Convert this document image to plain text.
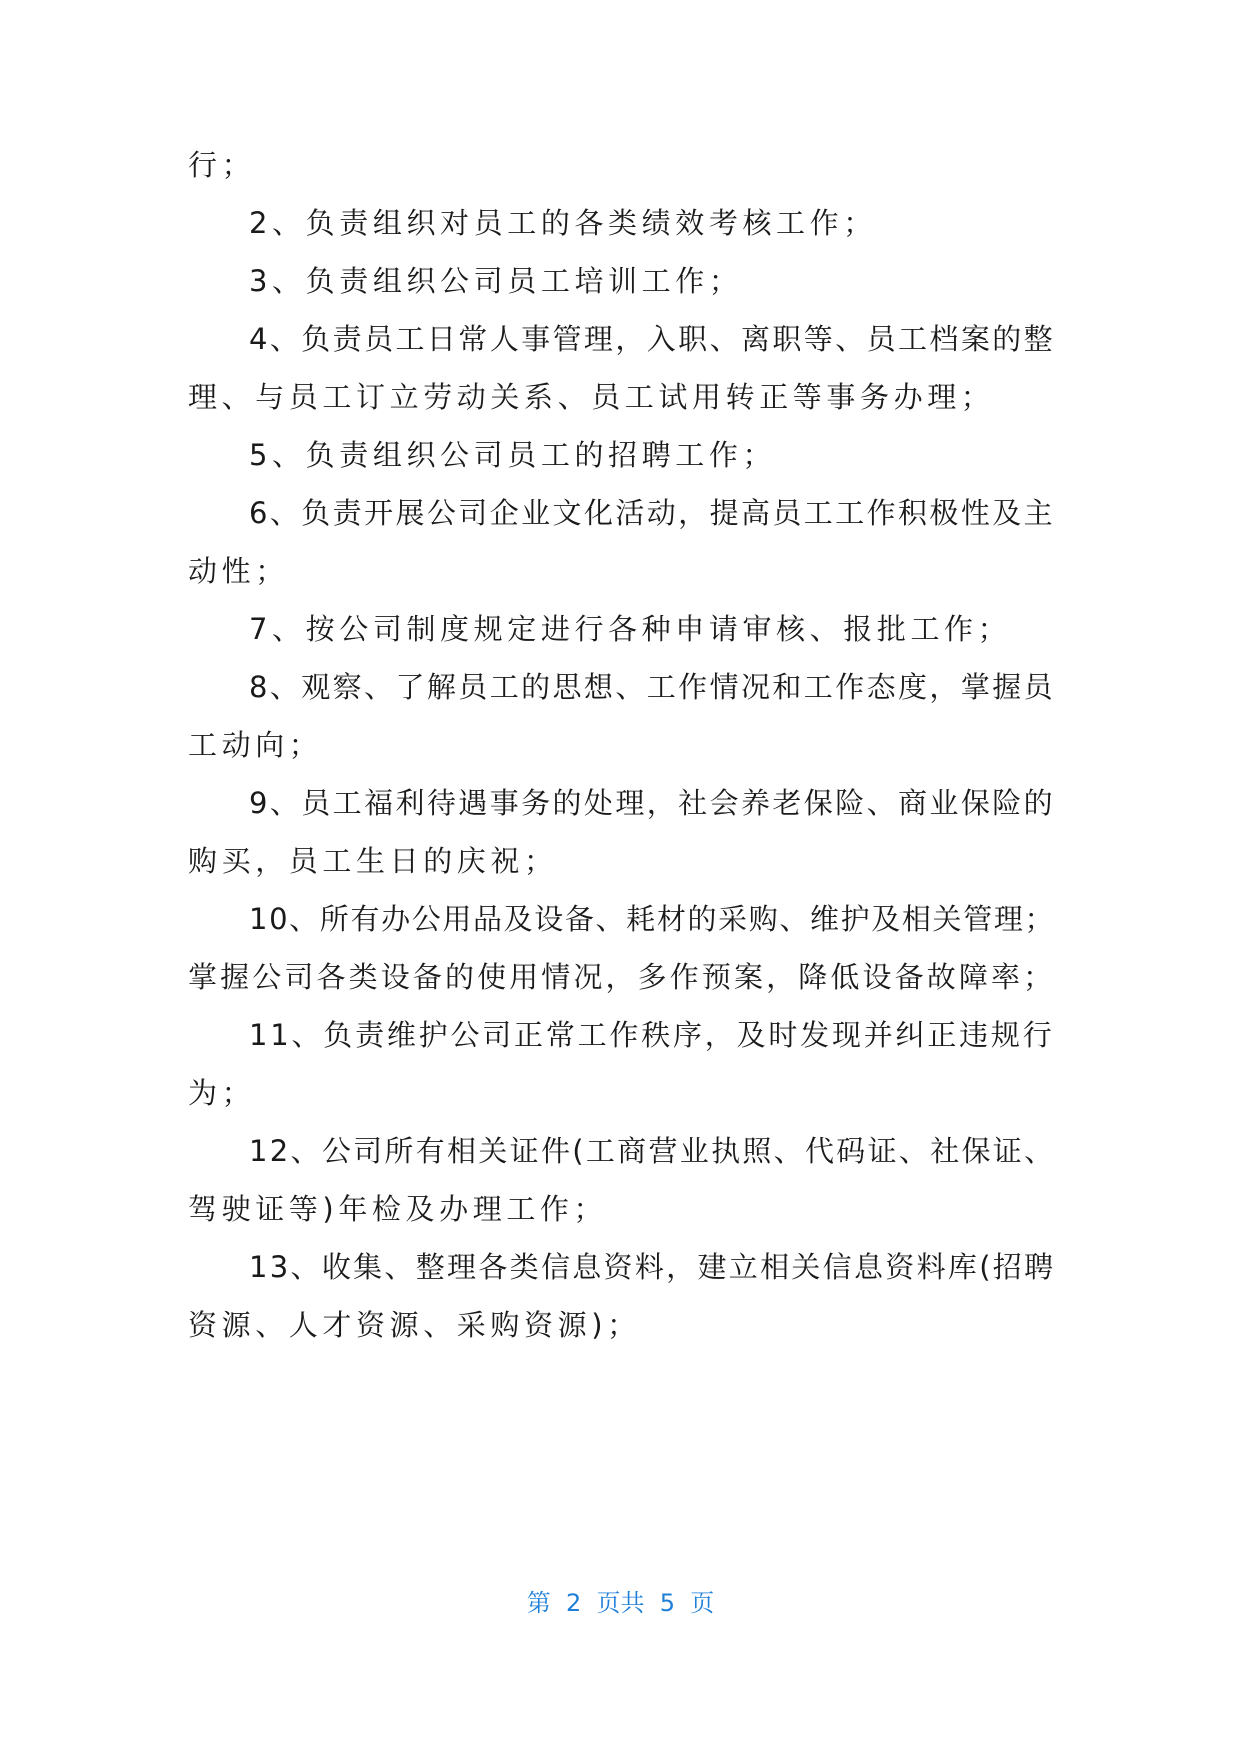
行；
2、负责组织对员工的各类绩效考核工作；
3、负责组织公司员工培训工作；
4、负责员工日常人事管理，入职、离职等、员工档案的整
理、与员工订立劳动关系、员工试用转正等事务办理；
5、负责组织公司员工的招聘工作；
6、负责开展公司企业文化活动，提高员工工作积极性及主
动性；
7、按公司制度规定进行各种申请审核、报批工作；
8、观察、了解员工的思想、工作情况和工作态度，掌握员
工动向；
9、员工福利待遇事务的处理，社会养老保险、商业保险的
购买，员工生日的庆祝；
10、所有办公用品及设备、耗材的采购、维护及相关管理；
掌握公司各类设备的使用情况，多作预案，降低设备故障率；
11、负责维护公司正常工作秩序，及时发现并纠正违规行
为；
12、公司所有相关证件(工商营业执照、代码证、社保证、
驾驶证等)年检及办理工作；
13、收集、整理各类信息资料，建立相关信息资料库(招聘
资源、人才资源、采购资源)；
第  2  页共  5  页
